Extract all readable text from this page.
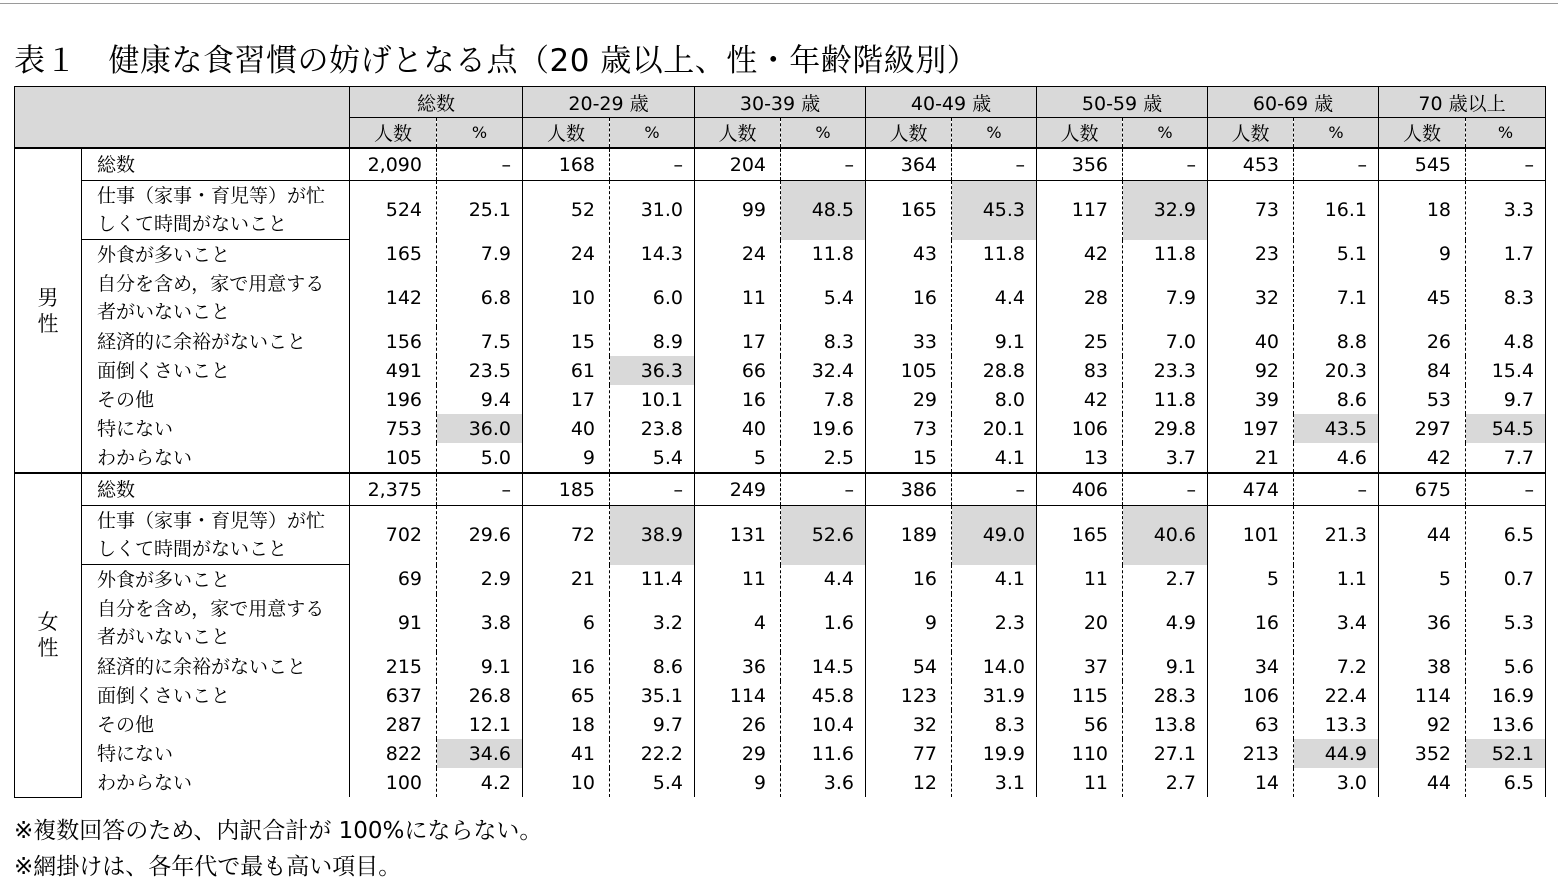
表１　健康な食習慣の妨げとなる点（20 歳以上、性・年齢階級別）
		総数		20-29 歳		30-39 歳		40-49 歳		50-59 歳		60-69 歳		70 歳以上	
		人数	%	人数	%	人数	%	人数	%	人数	%	人数	%	人数	%
男性	総数	2,090	–	168	–	204	–	364	–	356	–	453	–	545	–
	仕事（家事・育児等）が忙しくて時間がないこと	524	25.1	52	31.0	99	48.5	165	45.3	117	32.9	73	16.1	18	3.3
	外食が多いこと	165	7.9	24	14.3	24	11.8	43	11.8	42	11.8	23	5.1	9	1.7
	自分を含め，家で用意する者がいないこと	142	6.8	10	6.0	11	5.4	16	4.4	28	7.9	32	7.1	45	8.3
	経済的に余裕がないこと	156	7.5	15	8.9	17	8.3	33	9.1	25	7.0	40	8.8	26	4.8
	面倒くさいこと	491	23.5	61	36.3	66	32.4	105	28.8	83	23.3	92	20.3	84	15.4
	その他	196	9.4	17	10.1	16	7.8	29	8.0	42	11.8	39	8.6	53	9.7
	特にない	753	36.0	40	23.8	40	19.6	73	20.1	106	29.8	197	43.5	297	54.5
	わからない	105	5.0	9	5.4	5	2.5	15	4.1	13	3.7	21	4.6	42	7.7
女性	総数	2,375	–	185	–	249	–	386	–	406	–	474	–	675	–
	仕事（家事・育児等）が忙しくて時間がないこと	702	29.6	72	38.9	131	52.6	189	49.0	165	40.6	101	21.3	44	6.5
	外食が多いこと	69	2.9	21	11.4	11	4.4	16	4.1	11	2.7	5	1.1	5	0.7
	自分を含め，家で用意する者がいないこと	91	3.8	6	3.2	4	1.6	9	2.3	20	4.9	16	3.4	36	5.3
	経済的に余裕がないこと	215	9.1	16	8.6	36	14.5	54	14.0	37	9.1	34	7.2	38	5.6
	面倒くさいこと	637	26.8	65	35.1	114	45.8	123	31.9	115	28.3	106	22.4	114	16.9
	その他	287	12.1	18	9.7	26	10.4	32	8.3	56	13.8	63	13.3	92	13.6
	特にない	822	34.6	41	22.2	29	11.6	77	19.9	110	27.1	213	44.9	352	52.1
	わからない	100	4.2	10	5.4	9	3.6	12	3.1	11	2.7	14	3.0	44	6.5
※複数回答のため、内訳合計が 100%にならない。
※網掛けは、各年代で最も高い項目。
